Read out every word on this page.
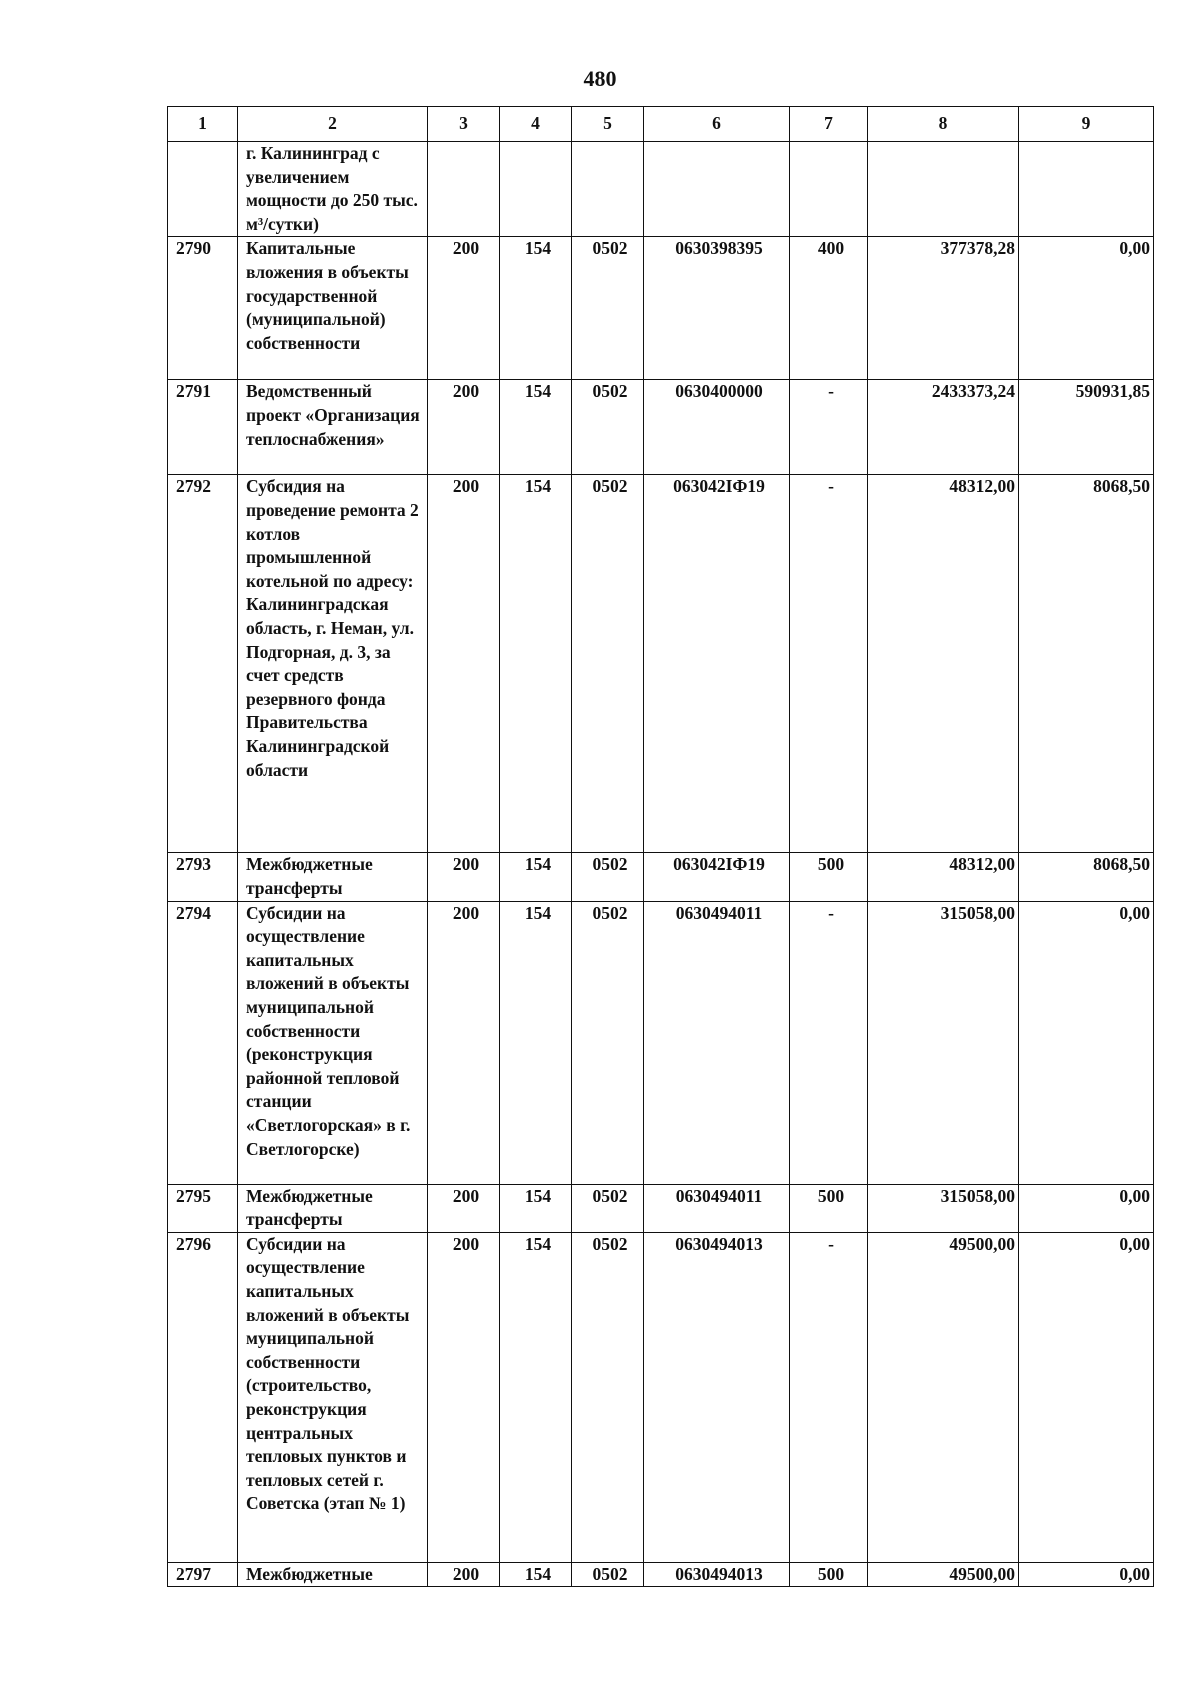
480
1	2	3	4	5	6	7	8	9
	г. Калининград с увеличением мощности до 250 тыс. м³/сутки)							
2790	Капитальные вложения в объекты государственной (муниципальной) собственности	200	154	0502	0630398395	400	377378,28	0,00
2791	Ведомственный проект «Организация теплоснабжения»	200	154	0502	0630400000	-	2433373,24	590931,85
2792	Субсидия на проведение ремонта 2 котлов промышленной котельной по адресу: Калининградская область, г. Неман, ул. Подгорная, д. 3, за счет средств резервного фонда Правительства Калининградской области	200	154	0502	063042IФ19	-	48312,00	8068,50
2793	Межбюджетные трансферты	200	154	0502	063042IФ19	500	48312,00	8068,50
2794	Субсидии на осуществление капитальных вложений в объекты муниципальной собственности (реконструкция районной тепловой станции «Светлогорская» в г. Светлогорске)	200	154	0502	0630494011	-	315058,00	0,00
2795	Межбюджетные трансферты	200	154	0502	0630494011	500	315058,00	0,00
2796	Субсидии на осуществление капитальных вложений в объекты муниципальной собственности (строительство, реконструкция центральных тепловых пунктов и тепловых сетей г. Советска (этап № 1)	200	154	0502	0630494013	-	49500,00	0,00
2797	Межбюджетные	200	154	0502	0630494013	500	49500,00	0,00
